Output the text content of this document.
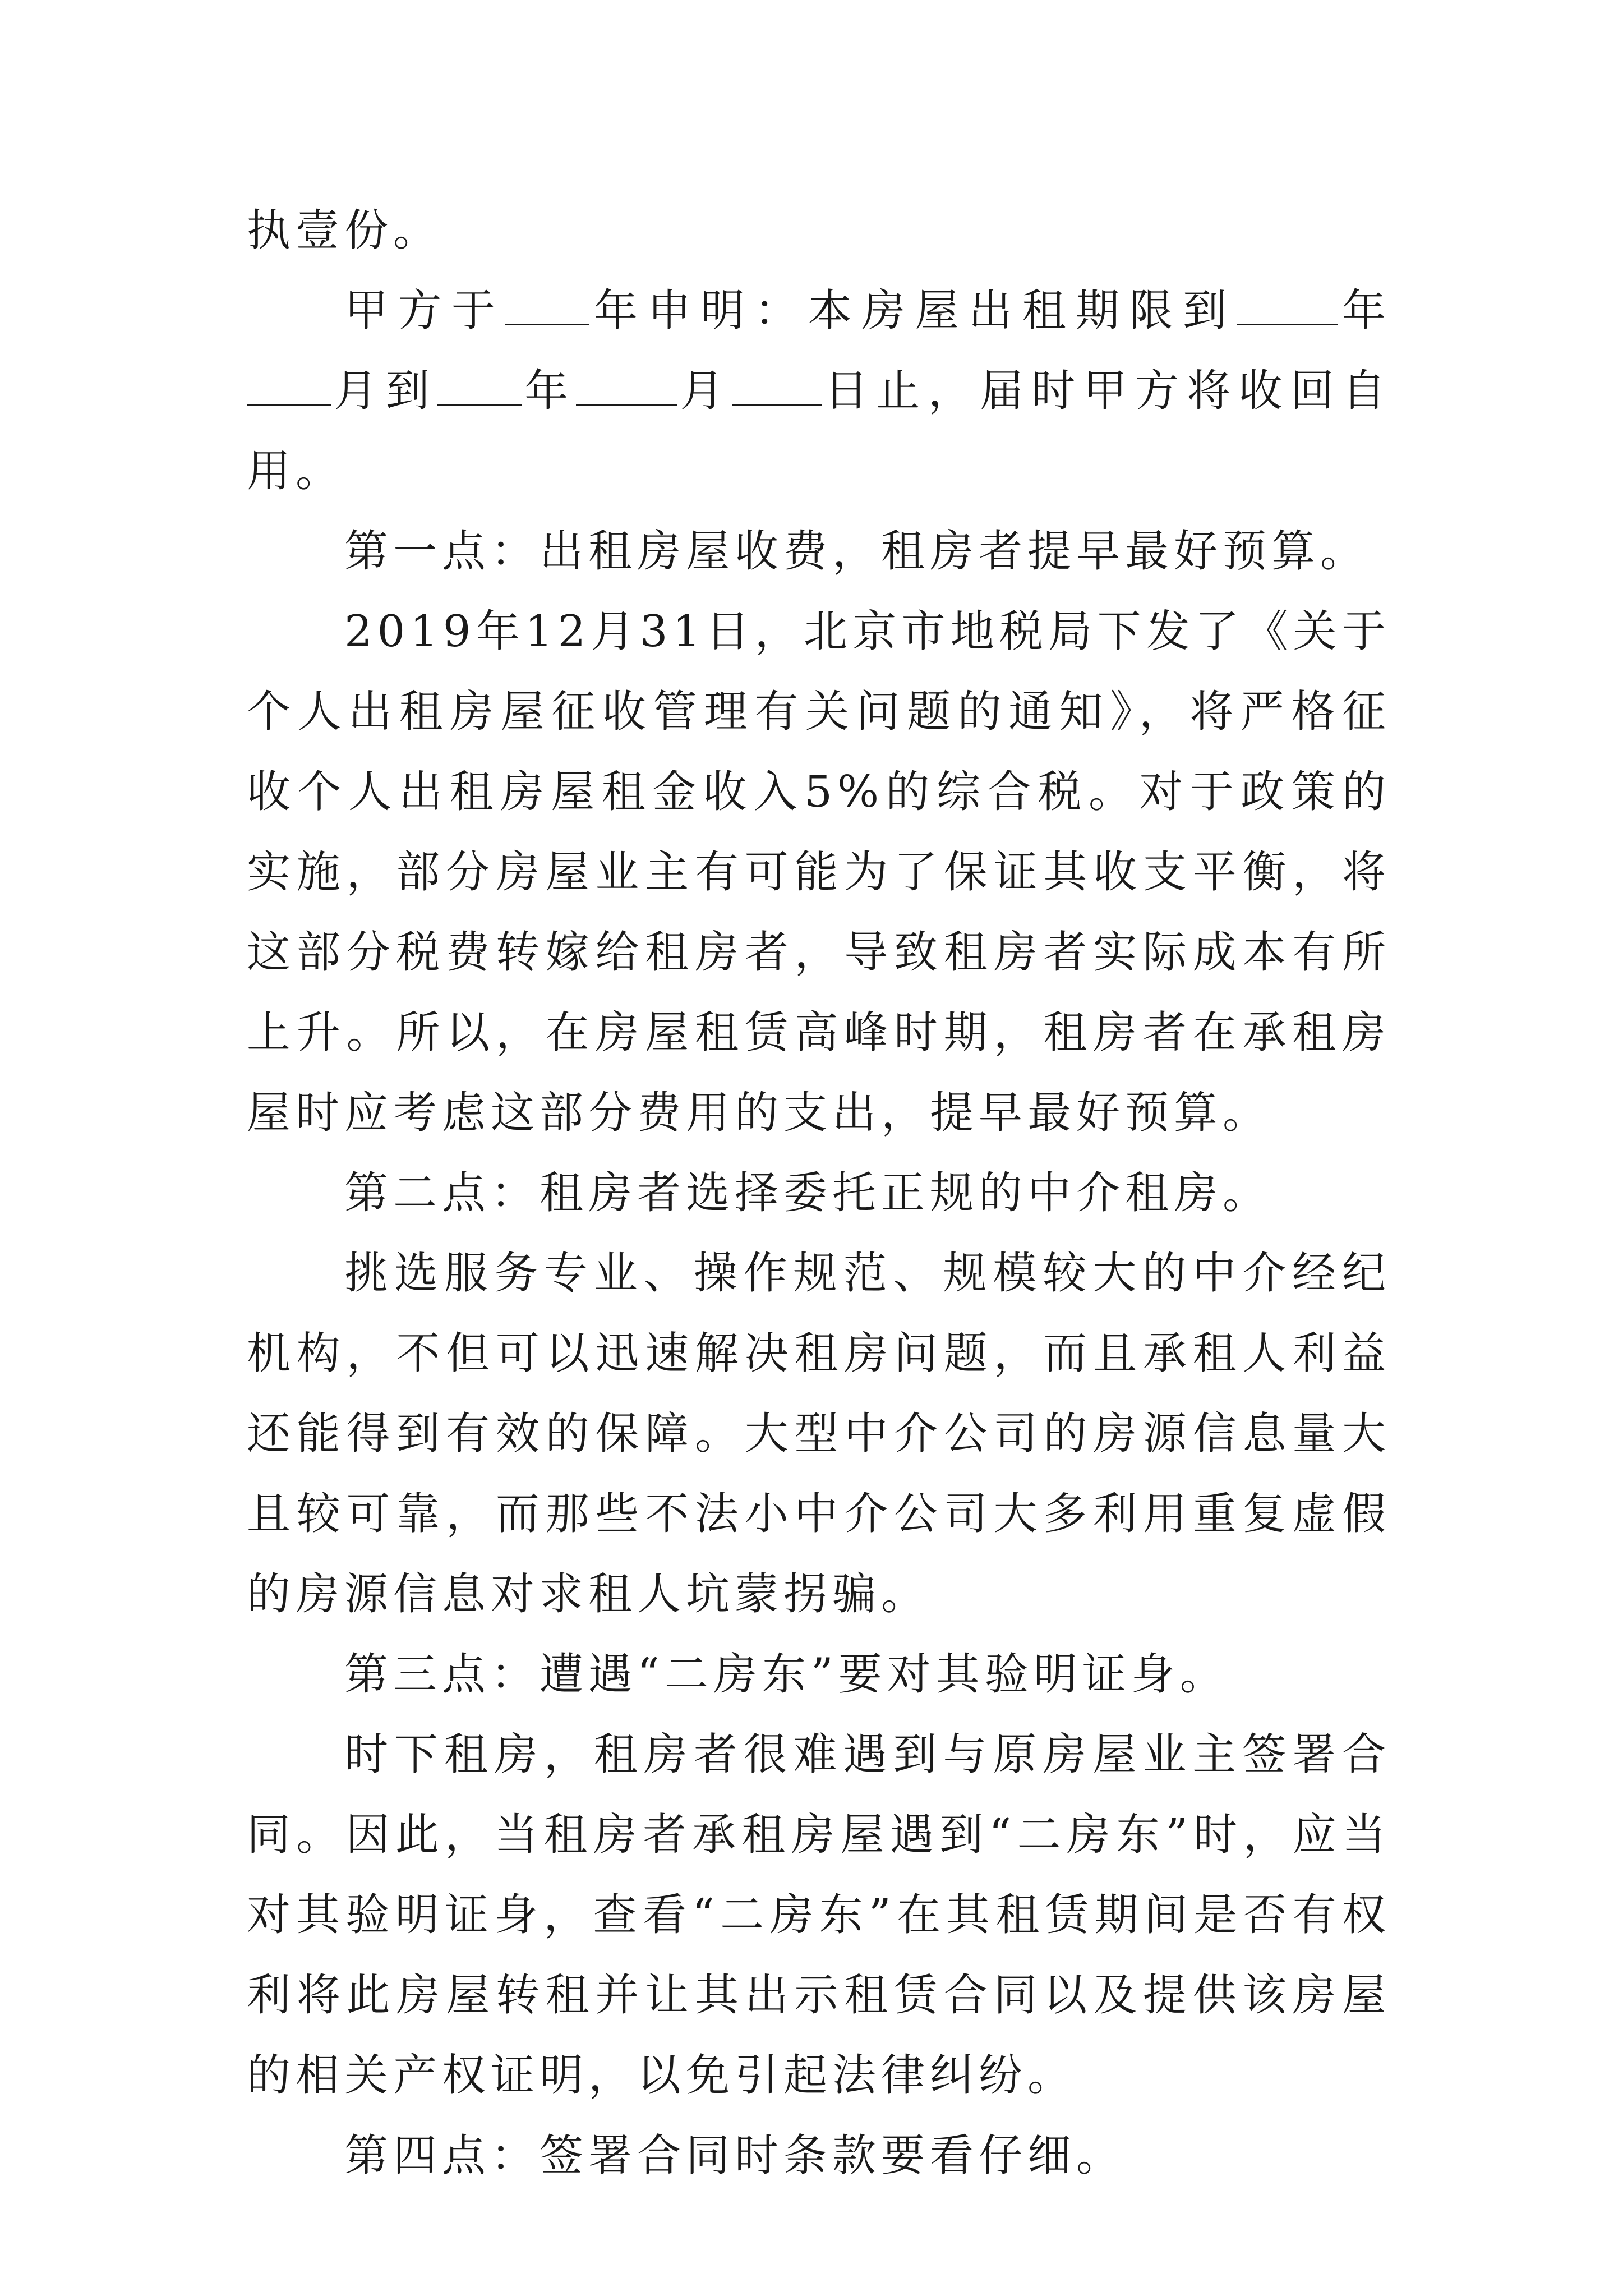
执壹份。

甲方于 年申明：本房屋出租期限到 年月到 年 月 日止，届时甲方将收回自用。

第一点：出租房屋收费，租房者提早最好预算。

2019年12月31日，北京市地税局下发了《关于个人出租房屋征收管理有关问题的通知》，将严格征收个人出租房屋租金收入5%的综合税。对于政策的实施，部分房屋业主有可能为了保证其收支平衡，将这部分税费转嫁给租房者，导致租房者实际成本有所上升。所以，在房屋租赁高峰时期，租房者在承租房屋时应考虑这部分费用的支出，提早最好预算。

第二点：租房者选择委托正规的中介租房。

挑选服务专业、操作规范、规模较大的中介经纪机构，不但可以迅速解决租房问题，而且承租人利益还能得到有效的保障。大型中介公司的房源信息量大且较可靠，而那些不法小中介公司大多利用重复虚假的房源信息对求租人坑蒙拐骗。

第三点：遭遇“二房东”要对其验明证身。

时下租房，租房者很难遇到与原房屋业主签署合同。因此，当租房者承租房屋遇到“二房东”时，应当对其验明证身，查看“二房东”在其租赁期间是否有权利将此房屋转租并让其出示租赁合同以及提供该房屋的相关产权证明，以免引起法律纠纷。

第四点：签署合同时条款要看仔细。
